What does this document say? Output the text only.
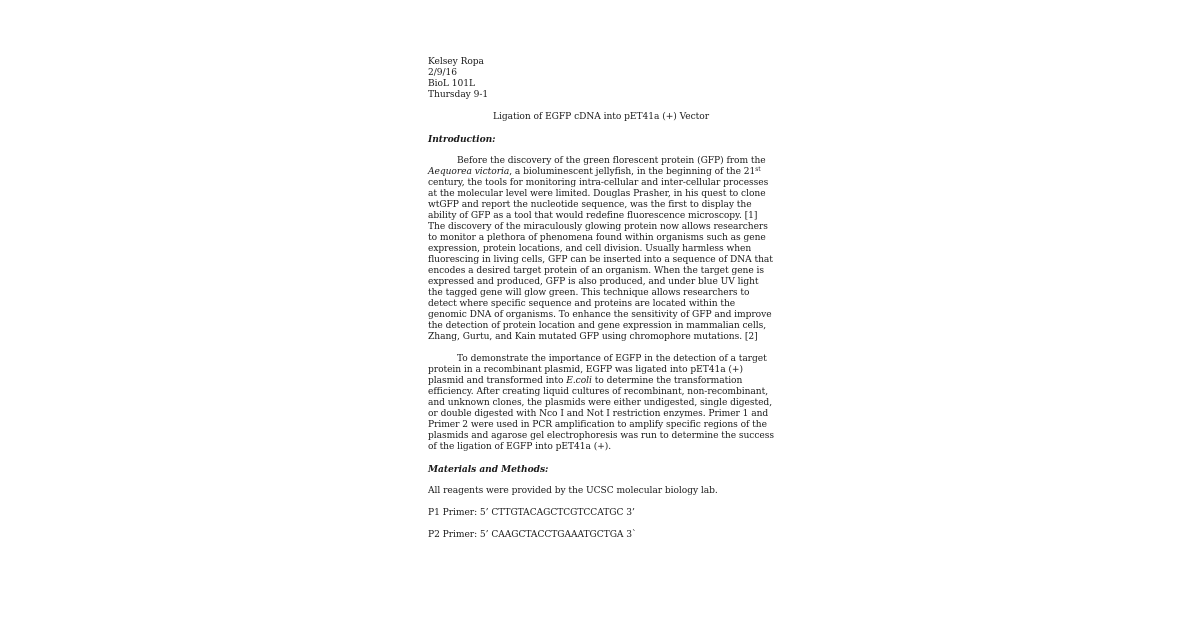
Kelsey Ropa
2/9/16
BioL 101L
Thursday 9-1
Ligation of EGFP cDNA into pET41a (+) Vector
Introduction:

Before the discovery of the green florescent protein (GFP) from the Aequorea victoria, a bioluminescent jellyfish, in the beginning of the 21st century, the tools for monitoring intra-cellular and inter-cellular processes at the molecular level were limited. Douglas Prasher, in his quest to clone wtGFP and report the nucleotide sequence, was the first to display the ability of GFP as a tool that would redefine fluorescence microscopy. [1] The discovery of the miraculously glowing protein now allows researchers to monitor a plethora of phenomena found within organisms such as gene expression, protein locations, and cell division. Usually harmless when fluorescing in living cells, GFP can be inserted into a sequence of DNA that encodes a desired target protein of an organism. When the target gene is expressed and produced, GFP is also produced, and under blue UV light the tagged gene will glow green. This technique allows researchers to detect where specific sequence and proteins are located within the genomic DNA of organisms. To enhance the sensitivity of GFP and improve the detection of protein location and gene expression in mammalian cells, Zhang, Gurtu, and Kain mutated GFP using chromophore mutations. [2]

To demonstrate the importance of EGFP in the detection of a target protein in a recombinant plasmid, EGFP was ligated into pET41a (+) plasmid and transformed into E.coli to determine the transformation efficiency. After creating liquid cultures of recombinant, non-recombinant, and unknown clones, the plasmids were either undigested, single digested, or double digested with Nco I and Not I restriction enzymes. Primer 1 and Primer 2 were used in PCR amplification to amplify specific regions of the plasmids and agarose gel electrophoresis was run to determine the success of the ligation of EGFP into pET41a (+).

Materials and Methods:

All reagents were provided by the UCSC molecular biology lab.

P1 Primer: 5’ CTTGTACAGCTCGTCCATGC 3’

P2 Primer: 5’ CAAGCTACCTGAAATGCTGA 3`
